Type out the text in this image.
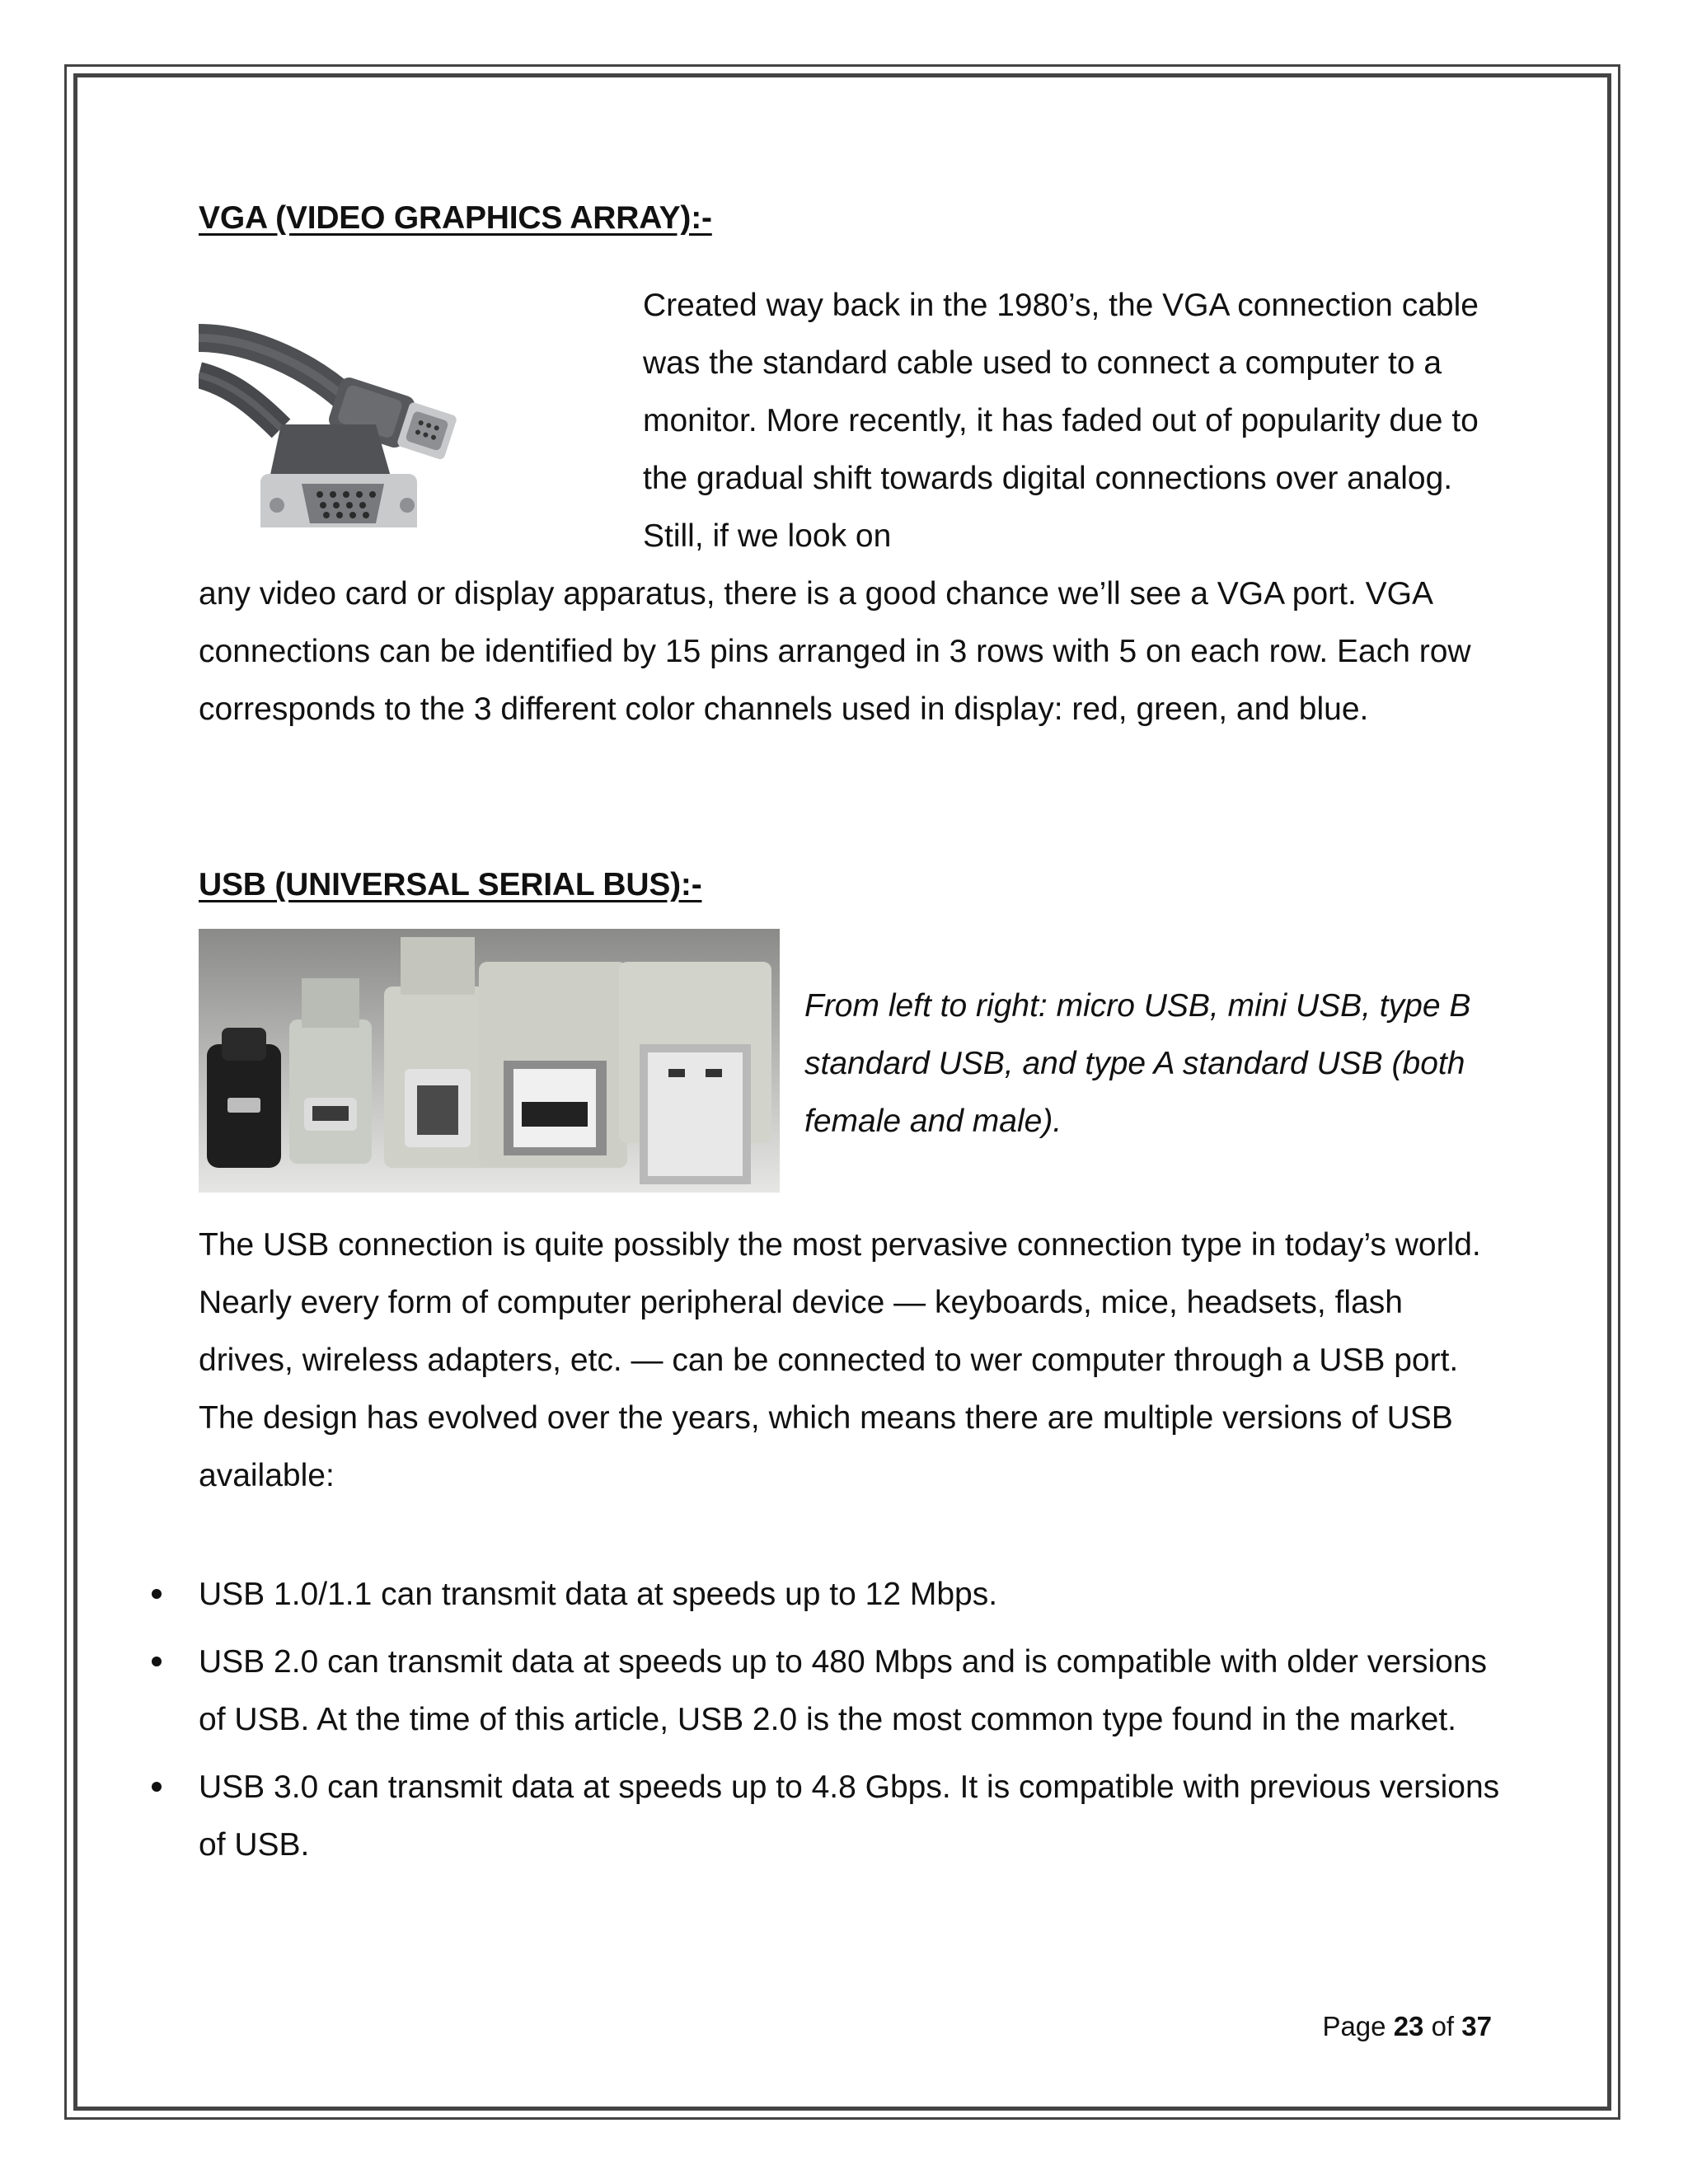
VGA (VIDEO GRAPHICS ARRAY):-

Created way back in the 1980’s, the VGA connection cable was the standard cable used to connect a computer to a monitor. More recently, it has faded out of popularity due to the gradual shift towards digital connections over analog. Still, if we look on

any video card or display apparatus, there is a good chance we’ll see a VGA port. VGA connections can be identified by 15 pins arranged in 3 rows with 5 on each row. Each row corresponds to the 3 different color channels used in display: red, green, and blue.

USB (UNIVERSAL SERIAL BUS):-

From left to right: micro USB, mini USB, type B standard USB, and type A standard USB (both female and male).

The USB connection is quite possibly the most pervasive connection type in today’s world. Nearly every form of computer peripheral device — keyboards, mice, headsets, flash drives, wireless adapters, etc. — can be connected to wer computer through a USB port. The design has evolved over the years, which means there are multiple versions of USB available:

USB 1.0/1.1 can transmit data at speeds up to 12 Mbps.
USB 2.0 can transmit data at speeds up to 480 Mbps and is compatible with older versions of USB. At the time of this article, USB 2.0 is the most common type found in the market.
USB 3.0 can transmit data at speeds up to 4.8 Gbps. It is compatible with previous versions of USB.
Page 23 of 37
